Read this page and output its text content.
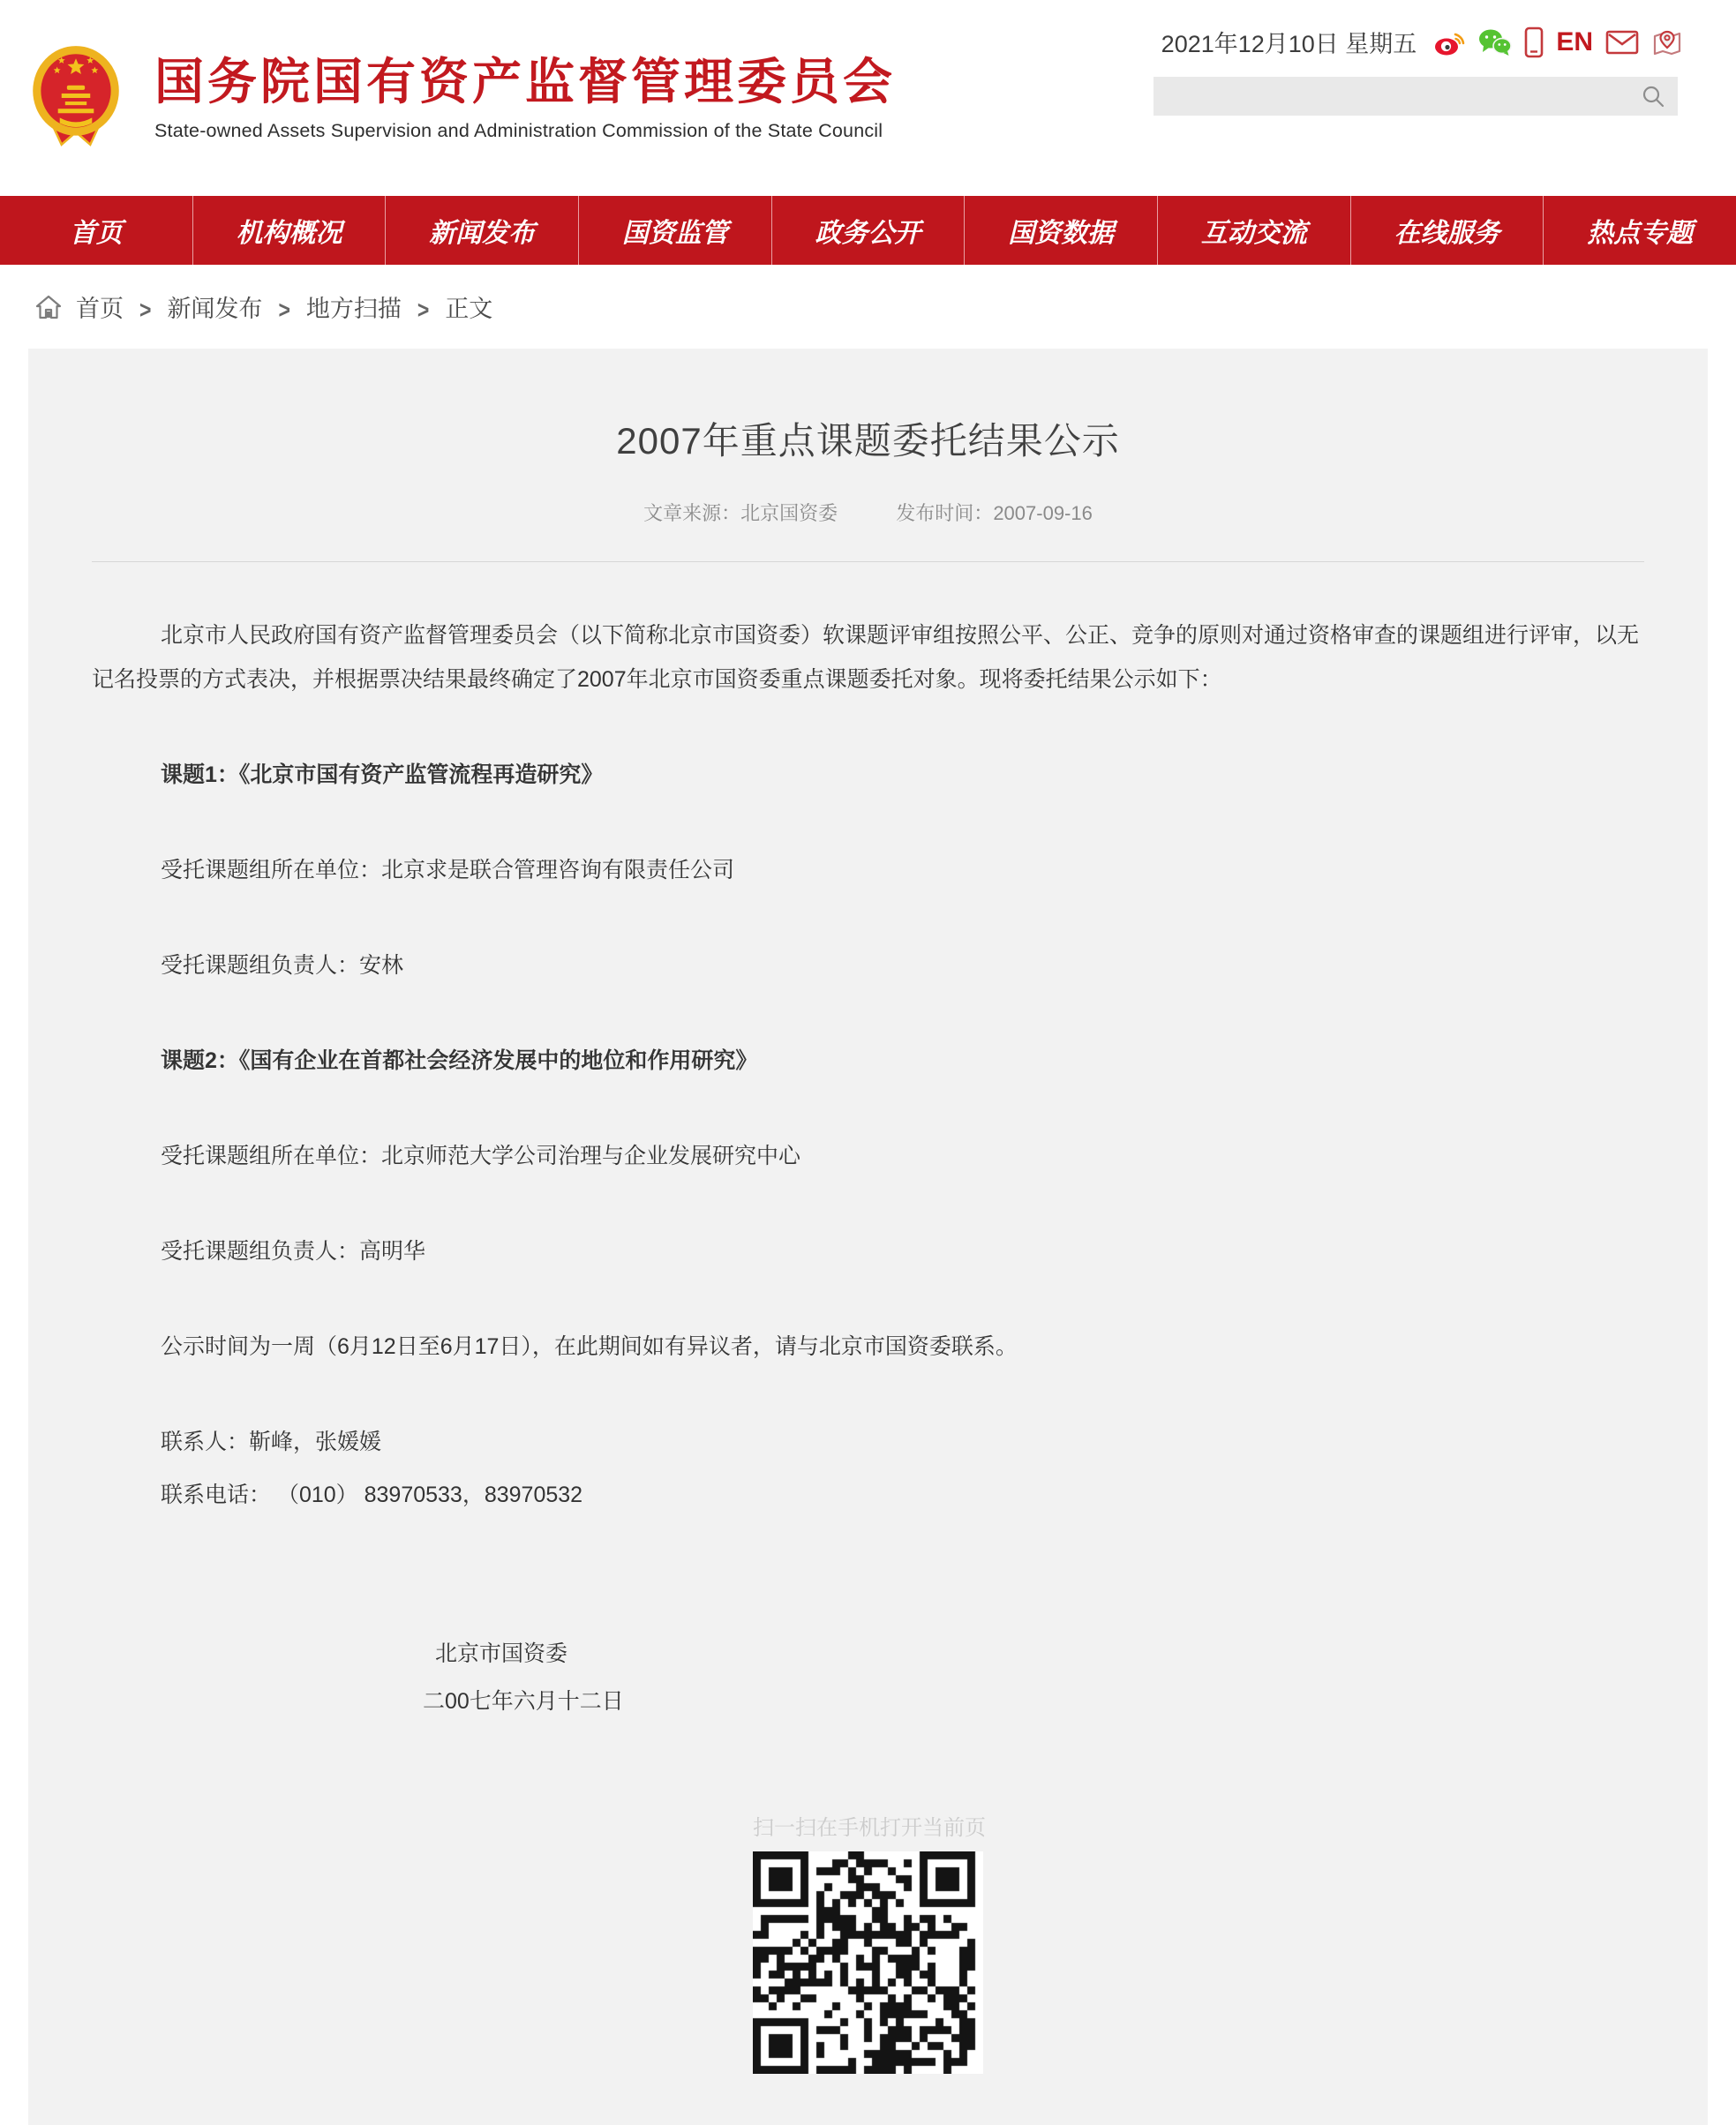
国务院国有资产监督管理委员会
State-owned Assets Supervision and Administration Commission of the State Council
2021年12月10日 星期五	EN
首页	机构概况	新闻发布	国资监管	政务公开	国资数据	互动交流	在线服务	热点专题
首页 > 新闻发布 > 地方扫描 > 正文
2007年重点课题委托结果公示
文章来源：北京国资委	发布时间：2007-09-16

北京市人民政府国有资产监督管理委员会（以下简称北京市国资委）软课题评审组按照公平、公正、竞争的原则对通过资格审查的课题组进行评审，以无记名投票的方式表决，并根据票决结果最终确定了2007年北京市国资委重点课题委托对象。现将委托结果公示如下：

课题1：《北京市国有资产监管流程再造研究》

受托课题组所在单位：北京求是联合管理咨询有限责任公司

受托课题组负责人：安林

课题2：《国有企业在首都社会经济发展中的地位和作用研究》

受托课题组所在单位：北京师范大学公司治理与企业发展研究中心

受托课题组负责人：高明华

公示时间为一周（6月12日至6月17日），在此期间如有异议者，请与北京市国资委联系。

联系人：靳峰，张媛媛

联系电话： （010） 83970533，83970532

北京市国资委
二00七年六月十二日
扫一扫在手机打开当前页
